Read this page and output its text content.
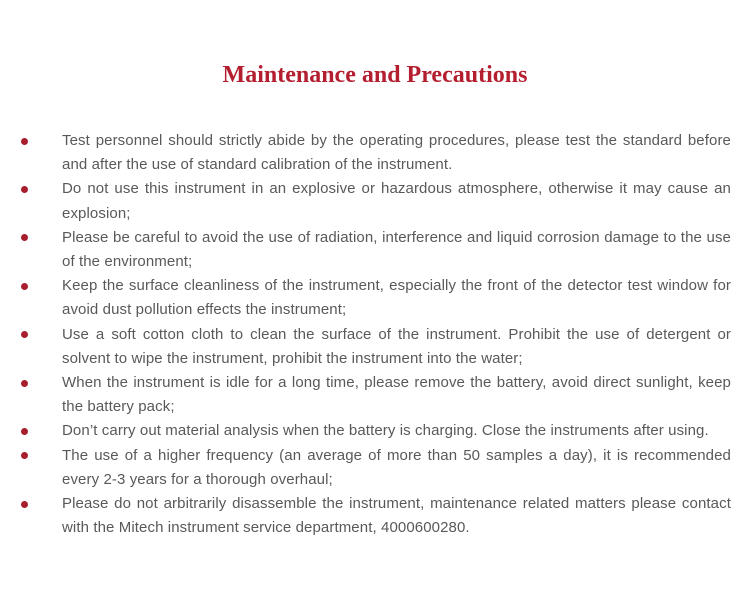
Maintenance and Precautions
Test personnel should strictly abide by the operating procedures, please test the standard before and after the use of standard calibration of the instrument.
Do not use this instrument in an explosive or hazardous atmosphere, otherwise it may cause an explosion;
Please be careful to avoid the use of radiation, interference and liquid corrosion damage to the use of the environment;
Keep the surface cleanliness of the instrument, especially the front of the detector test window for avoid dust pollution effects the instrument;
Use a soft cotton cloth to clean the surface of the instrument. Prohibit the use of detergent or solvent to wipe the instrument, prohibit the instrument into the water;
When the instrument is idle for a long time, please remove the battery, avoid direct sunlight, keep the battery pack;
Don’t carry out material analysis when the battery is charging. Close the instruments after using.
The use of a higher frequency (an average of more than 50 samples a day), it is recommended every 2-3 years for a thorough overhaul;
Please do not arbitrarily disassemble the instrument, maintenance related matters please contact with the Mitech instrument service department, 4000600280.
